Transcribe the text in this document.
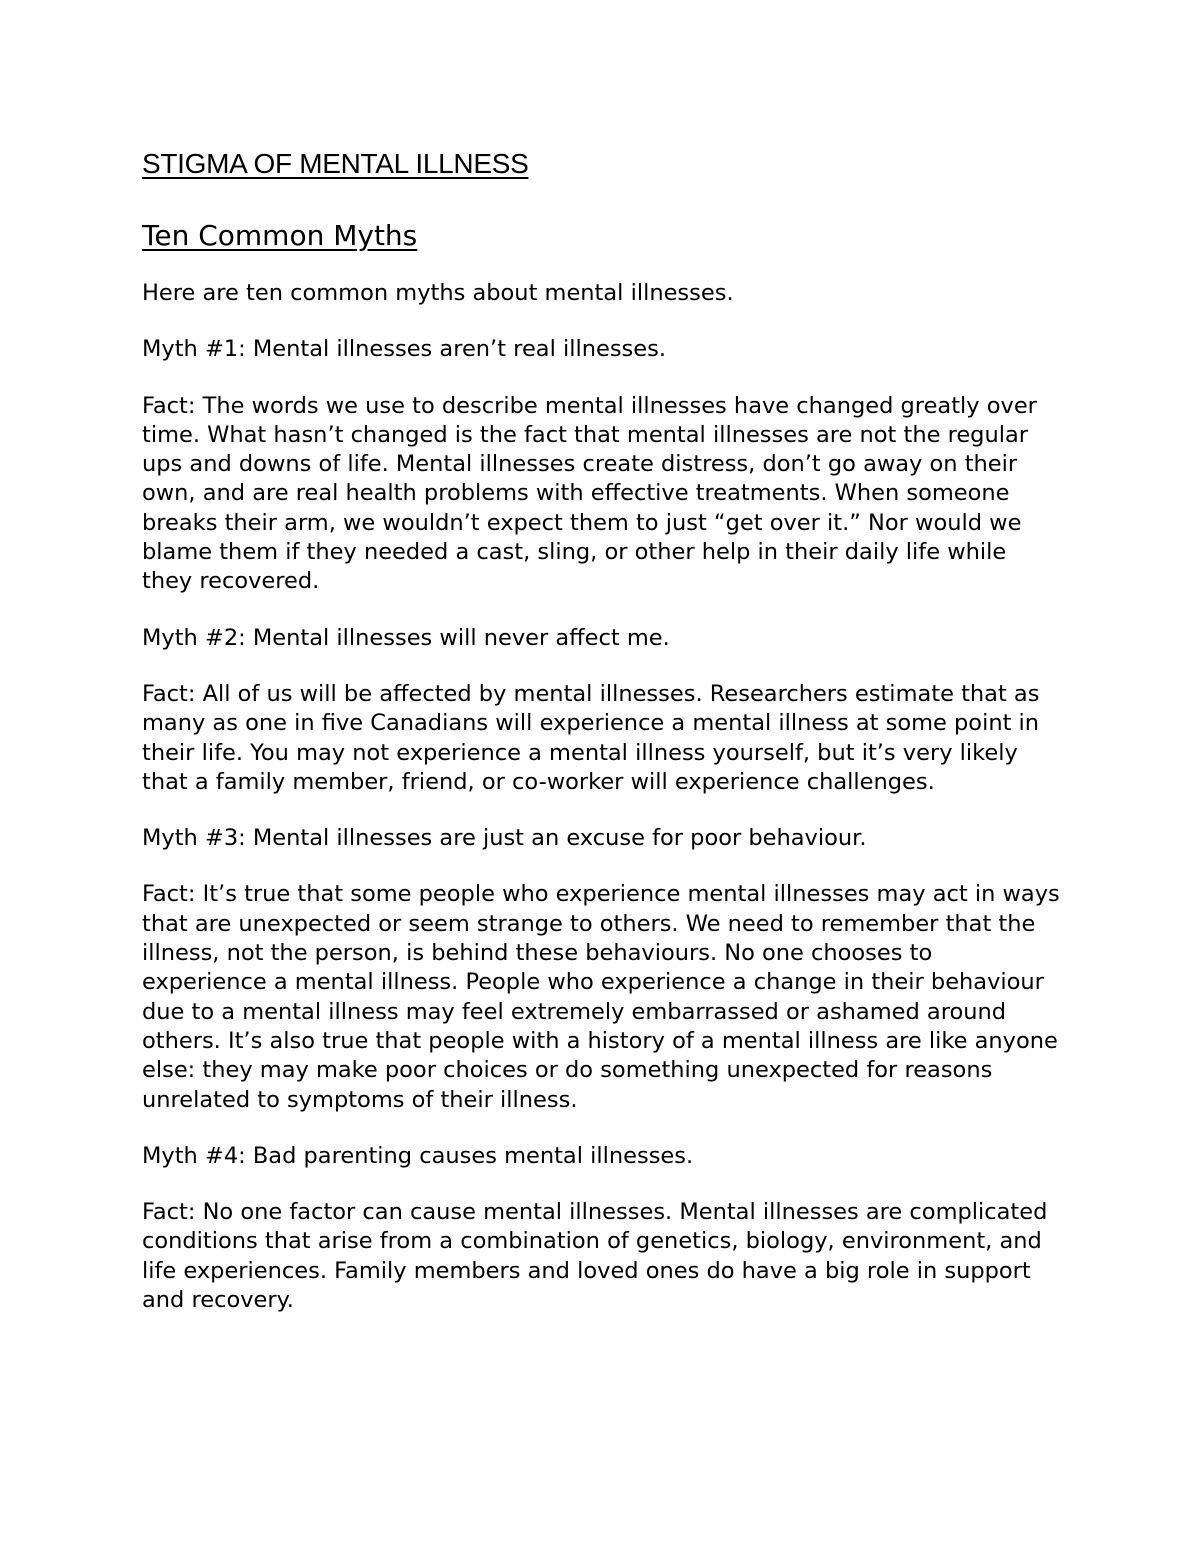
STIGMA OF MENTAL ILLNESS
Ten Common Myths

Here are ten common myths about mental illnesses.

Myth #1: Mental illnesses aren’t real illnesses.

Fact: The words we use to describe mental illnesses have changed greatly over time. What hasn’t changed is the fact that mental illnesses are not the regular ups and downs of life. Mental illnesses create distress, don’t go away on their own, and are real health problems with effective treatments. When someone breaks their arm, we wouldn’t expect them to just “get over it.” Nor would we blame them if they needed a cast, sling, or other help in their daily life while they recovered.

Myth #2: Mental illnesses will never affect me.

Fact: All of us will be affected by mental illnesses. Researchers estimate that as many as one in five Canadians will experience a mental illness at some point in their life. You may not experience a mental illness yourself, but it’s very likely that a family member, friend, or co-worker will experience challenges.

Myth #3: Mental illnesses are just an excuse for poor behaviour.

Fact: It’s true that some people who experience mental illnesses may act in ways that are unexpected or seem strange to others. We need to remember that the illness, not the person, is behind these behaviours. No one chooses to experience a mental illness. People who experience a change in their behaviour due to a mental illness may feel extremely embarrassed or ashamed around others. It’s also true that people with a history of a mental illness are like anyone else: they may make poor choices or do something unexpected for reasons unrelated to symptoms of their illness.

Myth #4: Bad parenting causes mental illnesses.

Fact: No one factor can cause mental illnesses. Mental illnesses are complicated conditions that arise from a combination of genetics, biology, environment, and life experiences. Family members and loved ones do have a big role in support and recovery.
